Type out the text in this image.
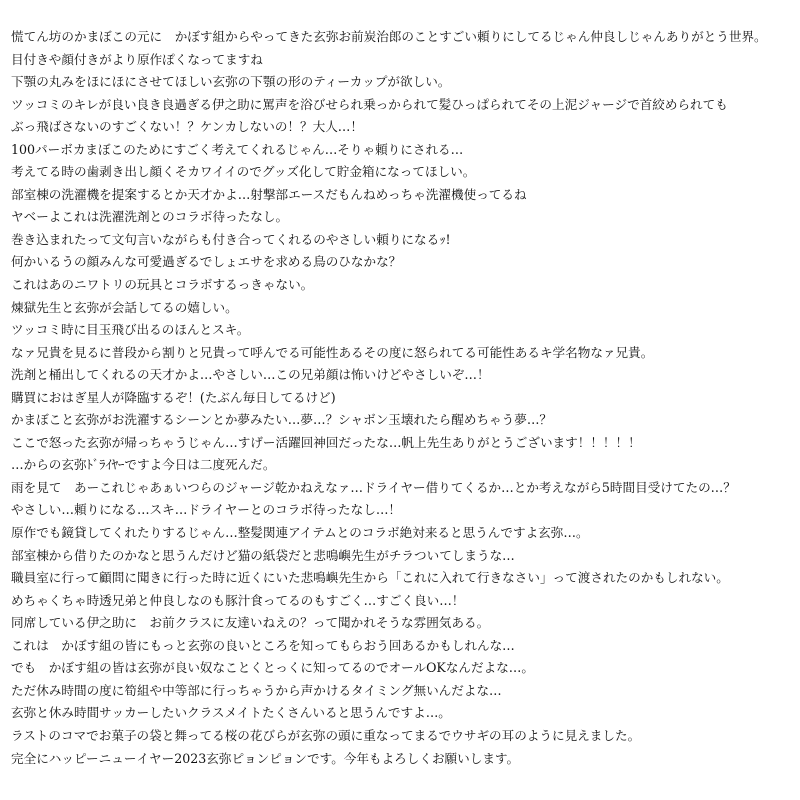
慌てん坊のかまぼこの元に　かぼす組からやってきた玄弥お前炭治郎のことすごい頼りにしてるじゃん仲良しじゃんありがとう世界。
目付きや顔付きがより原作ぽくなってますね
下顎の丸みをほにほにさせてほしい玄弥の下顎の形のティーカップが欲しい。
ツッコミのキレが良い良き良過ぎる伊之助に罵声を浴びせられ乗っかられて髪ひっぱられてその上泥ジャージで首絞められても
ぶっ飛ばさないのすごくない！？ケンカしないの！？大人…！
100パーボカまぼこのためにすごく考えてくれるじゃん…そりゃ頼りにされる…
考えてる時の歯剥き出し顔くそカワイイのでグッズ化して貯金箱になってほしい。
部室棟の洗濯機を提案するとか天才かよ…射撃部エースだもんねめっちゃ洗濯機使ってるね
ヤベーよこれは洗濯洗剤とのコラボ待ったなし。
巻き込まれたって文句言いながらも付き合ってくれるのやさしい頼りになるｯ!
何かいるうの顔みんな可愛過ぎるでしょエサを求める鳥のひなかな？
これはあのニワトリの玩具とコラボするっきゃない。
煉獄先生と玄弥が会話してるの嬉しい。
ツッコミ時に目玉飛び出るのほんとスキ。
なァ兄貴を見るに普段から割りと兄貴って呼んでる可能性あるその度に怒られてる可能性あるキ学名物なァ兄貴。
洗剤と桶出してくれるの天才かよ…やさしい…この兄弟顔は怖いけどやさしいぞ…！
購買におはぎ星人が降臨するぞ！(たぶん毎日してるけど)
かまぼこと玄弥がお洗濯するシーンとか夢みたい…夢…？シャボン玉壊れたら醒めちゃう夢…？
ここで怒った玄弥が帰っちゃうじゃん…すげー活躍回神回だったな…帆上先生ありがとうございます！！！！！
…からの玄弥ﾄﾞﾗｲﾔｰですよ今日は二度死んだ。
雨を見て　あーこれじゃあぁいつらのジャージ乾かねえなァ…ドライヤー借りてくるか…とか考えながら5時間目受けてたの…？
やさしい…頼りになる…スキ…ドライヤーとのコラボ待ったなし…！
原作でも鏡貸してくれたりするじゃん…整髪関連アイテムとのコラボ絶対来ると思うんですよ玄弥…。
部室棟から借りたのかなと思うんだけど猫の紙袋だと悲鳴嶼先生がチラついてしまうな…
職員室に行って顧問に聞きに行った時に近くにいた悲鳴嶼先生から「これに入れて行きなさい」って渡されたのかもしれない。
めちゃくちゃ時透兄弟と仲良しなのも豚汁食ってるのもすごく…すごく良い…！
同席している伊之助に　お前クラスに友達いねえの？って聞かれそうな雰囲気ある。
これは　かぼす組の皆にもっと玄弥の良いところを知ってもらおう回あるかもしれんな…
でも　かぼす組の皆は玄弥が良い奴なことくとっくに知ってるのでオールOKなんだよな…。
ただ休み時間の度に筍組や中等部に行っちゃうから声かけるタイミング無いんだよな…
玄弥と休み時間サッカーしたいクラスメイトたくさんいると思うんですよ…。
ラストのコマでお菓子の袋と舞ってる桜の花びらが玄弥の頭に重なってまるでウサギの耳のように見えました。
完全にハッピーニューイヤー2023玄弥ピョンピョンです。今年もよろしくお願いします。
